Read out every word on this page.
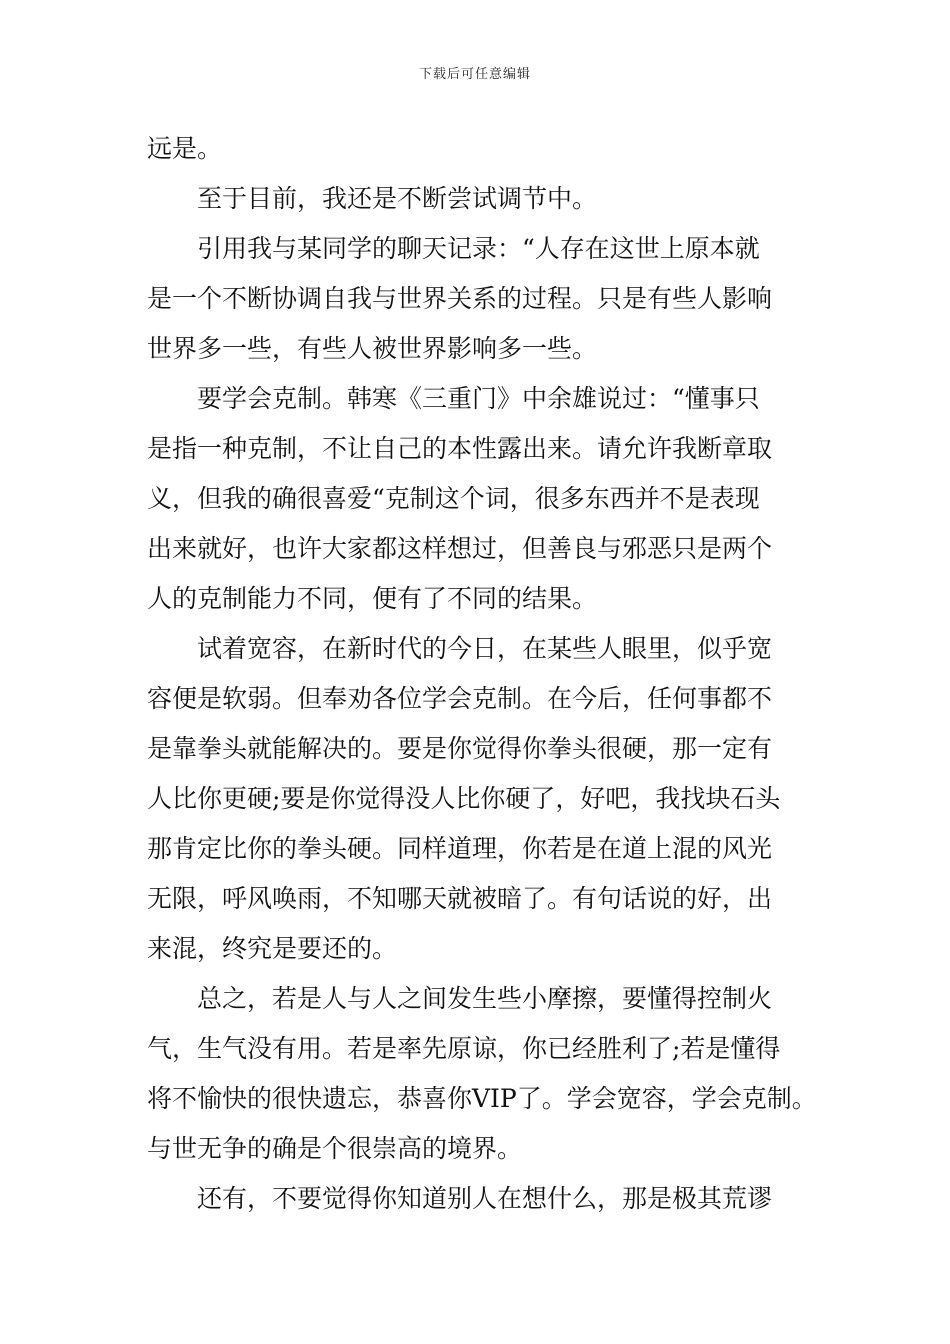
下载后可任意编辑
远是。
至于目前，我还是不断尝试调节中。
引用我与某同学的聊天记录：“人存在这世上原本就
是一个不断协调自我与世界关系的过程。只是有些人影响
世界多一些，有些人被世界影响多一些。
要学会克制。韩寒《三重门》中余雄说过：“懂事只
是指一种克制，不让自己的本性露出来。请允许我断章取
义，但我的确很喜爱“克制这个词，很多东西并不是表现
出来就好，也许大家都这样想过，但善良与邪恶只是两个
人的克制能力不同，便有了不同的结果。
试着宽容，在新时代的今日，在某些人眼里，似乎宽
容便是软弱。但奉劝各位学会克制。在今后，任何事都不
是靠拳头就能解决的。要是你觉得你拳头很硬，那一定有
人比你更硬;要是你觉得没人比你硬了，好吧，我找块石头
那肯定比你的拳头硬。同样道理，你若是在道上混的风光
无限，呼风唤雨，不知哪天就被暗了。有句话说的好，出
来混，终究是要还的。
总之，若是人与人之间发生些小摩擦，要懂得控制火
气，生气没有用。若是率先原谅，你已经胜利了;若是懂得
将不愉快的很快遗忘，恭喜你VIP了。学会宽容，学会克制。
与世无争的确是个很崇高的境界。
还有，不要觉得你知道别人在想什么，那是极其荒谬
